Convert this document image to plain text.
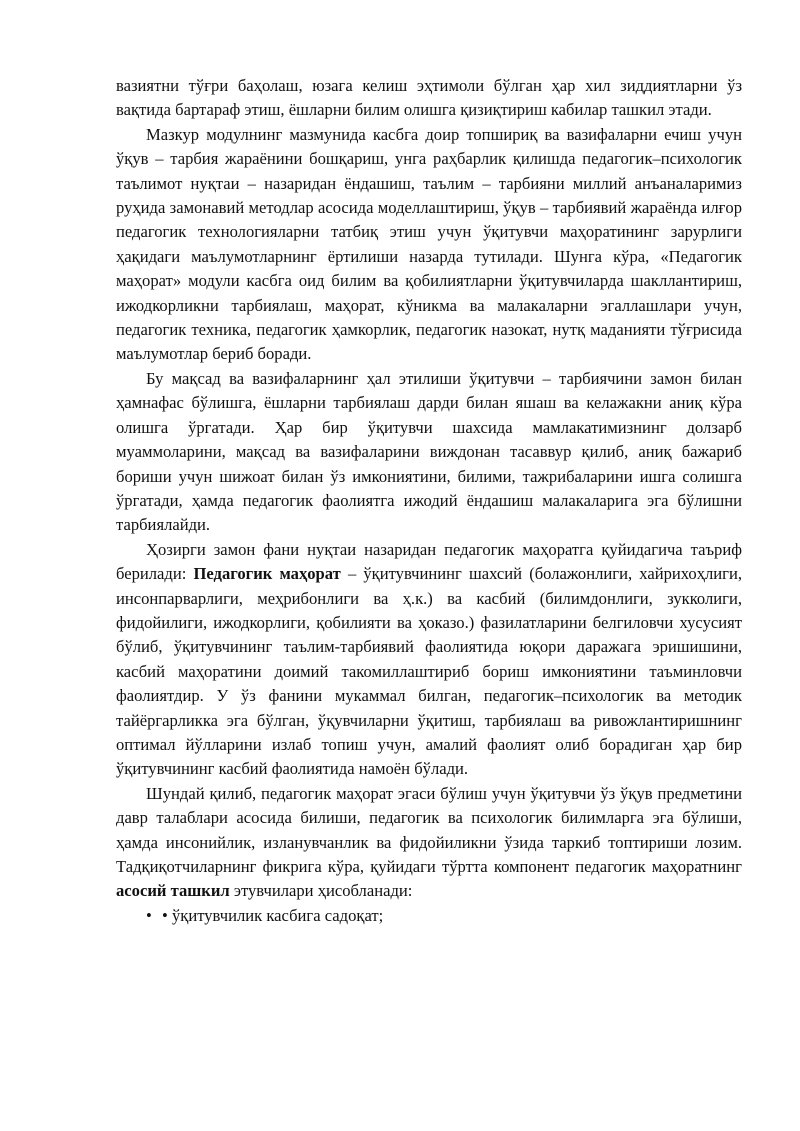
вазиятни тўғри баҳолаш, юзага келиш эҳтимоли бўлган ҳар хил зиддиятларни ўз вақтида бартараф этиш, ёшларни билим олишга қизиқтириш кабилар ташкил этади.

Мазкур модулнинг мазмунида касбга доир топшириқ ва вазифаларни ечиш учун ўқув – тарбия жараёнини бошқариш, унга раҳбарлик қилишда педагогик–психологик таълимот нуқтаи – назаридан ёндашиш, таълим – тарбияни миллий анъаналаримиз руҳида замонавий методлар асосида моделлаштириш, ўқув – тарбиявий жараёнда илғор педагогик технологияларни татбиқ этиш учун ўқитувчи маҳоратининг зарурлиги ҳақидаги маълумотларнинг ёртилиши назарда тутилади. Шунга кўра, «Педагогик маҳорат» модули касбга оид билим ва қобилиятларни ўқитувчиларда шакллантириш, ижодкорликни тарбиялаш, маҳорат, кўникма ва малакаларни эгаллашлари учун, педагогик техника, педагогик ҳамкорлик, педагогик назокат, нутқ маданияти тўғрисида маълумотлар бериб боради.

Бу мақсад ва вазифаларнинг ҳал этилиши ўқитувчи – тарбиячини замон билан ҳамнафас бўлишга, ёшларни тарбиялаш дарди билан яшаш ва келажакни аниқ кўра олишга ўргатади. Ҳар бир ўқитувчи шахсида мамлакатимизнинг долзарб муаммоларини, мақсад ва вазифаларини виждонан тасаввур қилиб, аниқ бажариб бориши учун шижоат билан ўз имкониятини, билими, тажрибаларини ишга солишга ўргатади, ҳамда педагогик фаолиятга ижодий ёндашиш малакаларига эга бўлишни тарбиялайди.

Ҳозирги замон фани нуқтаи назаридан педагогик маҳоратга қуйидагича таъриф берилади: Педагогик маҳорат – ўқитувчининг шахсий (болажонлиги, хайрихоҳлиги, инсонпарварлиги, меҳрибонлиги ва ҳ.к.) ва касбий (билимдонлиги, зукколиги, фидойилиги, ижодкорлиги, қобилияти ва ҳоказо.) фазилатларини белгиловчи хусусият бўлиб, ўқитувчининг таълим-тарбиявий фаолиятида юқори даражага эришишини, касбий маҳоратини доимий такомиллаштириб бориш имкониятини таъминловчи фаолиятдир. У ўз фанини мукаммал билган, педагогик–психологик ва методик тайёргарликка эга бўлган, ўқувчиларни ўқитиш, тарбиялаш ва ривожлантиришнинг оптимал йўлларини излаб топиш учун, амалий фаолият олиб борадиган ҳар бир ўқитувчининг касбий фаолиятида намоён бўлади.

Шундай қилиб, педагогик маҳорат эгаси бўлиш учун ўқитувчи ўз ўқув предметини давр талаблари асосида билиши, педагогик ва психологик билимларга эга бўлиши, ҳамда инсонийлик, изланувчанлик ва фидойиликни ўзида таркиб топтириши лозим. Тадқиқотчиларнинг фикрига кўра, қуйидаги тўртта компонент педагогик маҳоратнинг асосий ташкил этувчилари ҳисобланади:

• • ўқитувчилик касбига садоқат;
